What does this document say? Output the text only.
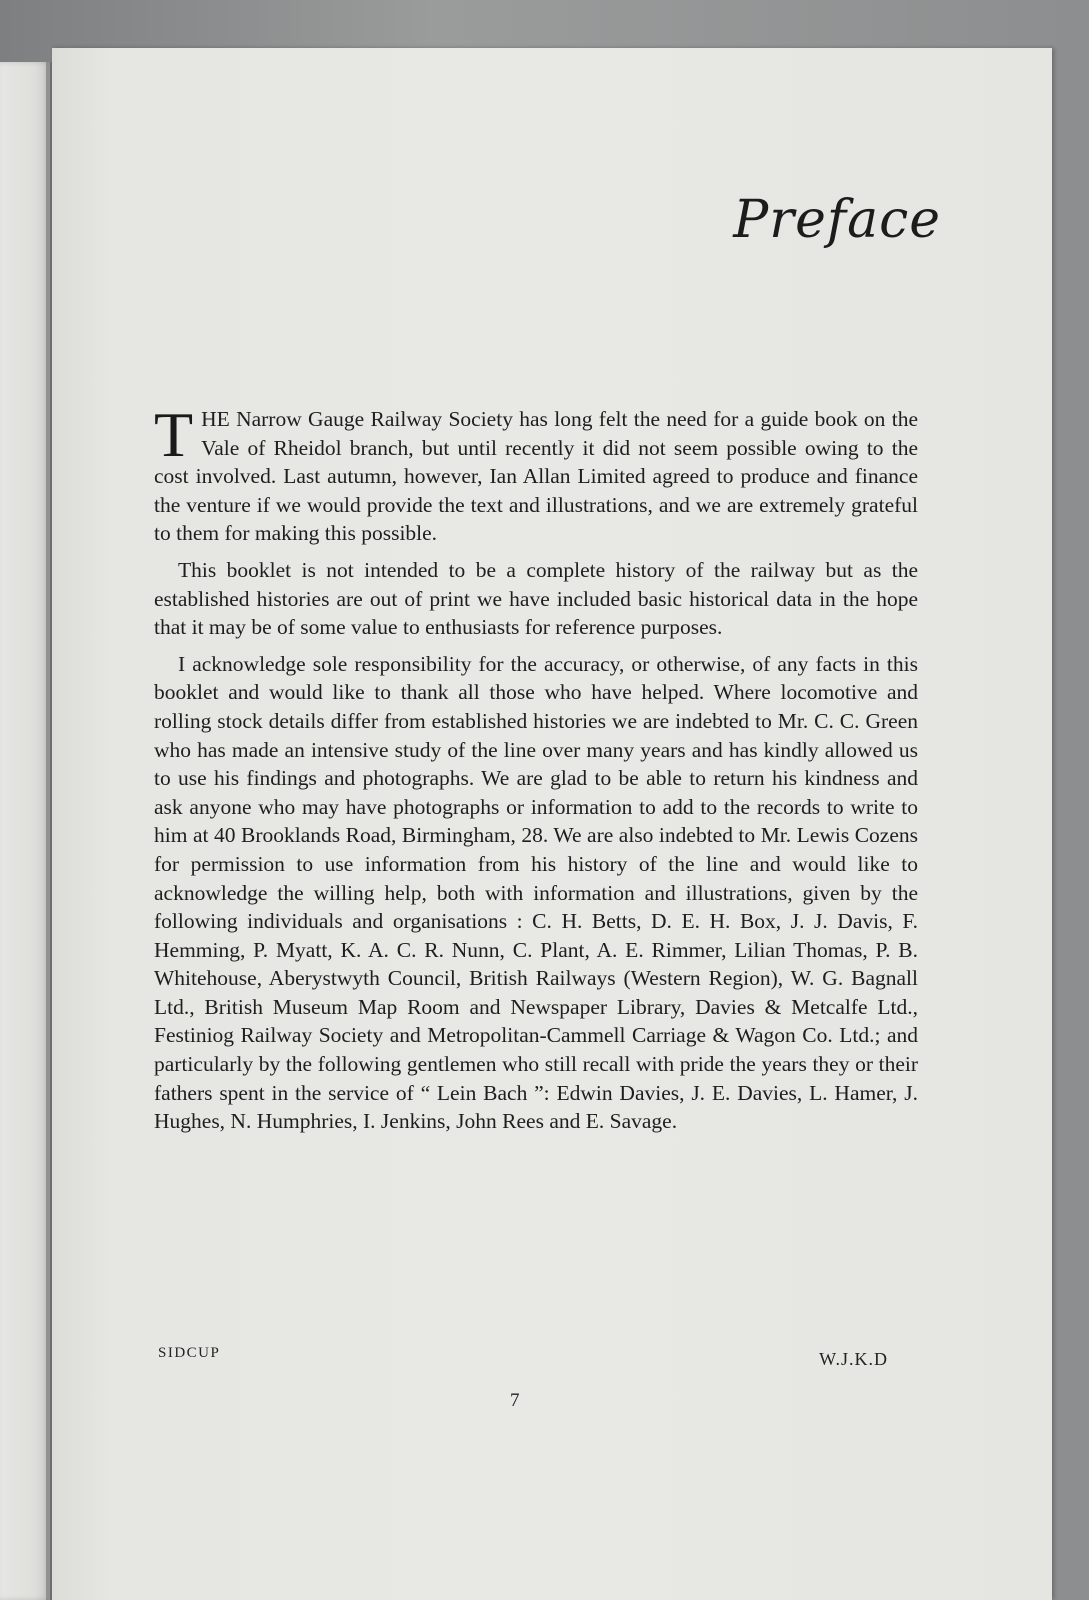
Preface

THE Narrow Gauge Railway Society has long felt the need for a guide book on the Vale of Rheidol branch, but until recently it did not seem possible owing to the cost involved. Last autumn, however, Ian Allan Limited agreed to produce and finance the venture if we would provide the text and illustrations, and we are extremely grateful to them for making this possible.

This booklet is not intended to be a complete history of the railway but as the established histories are out of print we have included basic historical data in the hope that it may be of some value to enthusiasts for reference purposes.

I acknowledge sole responsibility for the accuracy, or otherwise, of any facts in this booklet and would like to thank all those who have helped. Where locomotive and rolling stock details differ from established histories we are indebted to Mr. C. C. Green who has made an intensive study of the line over many years and has kindly allowed us to use his findings and photographs. We are glad to be able to return his kindness and ask anyone who may have photographs or information to add to the records to write to him at 40 Brooklands Road, Birmingham, 28. We are also indebted to Mr. Lewis Cozens for permission to use information from his history of the line and would like to acknowledge the willing help, both with information and illustrations, given by the following individuals and organisations : C. H. Betts, D. E. H. Box, J. J. Davis, F. Hemming, P. Myatt, K. A. C. R. Nunn, C. Plant, A. E. Rimmer, Lilian Thomas, P. B. Whitehouse, Aberystwyth Council, British Railways (Western Region), W. G. Bagnall Ltd., British Museum Map Room and Newspaper Library, Davies & Metcalfe Ltd., Festiniog Railway Society and Metropolitan-Cammell Carriage & Wagon Co. Ltd.; and particularly by the following gentlemen who still recall with pride the years they or their fathers spent in the service of “ Lein Bach ”: Edwin Davies, J. E. Davies, L. Hamer, J. Hughes, N. Humphries, I. Jenkins, John Rees and E. Savage.

SIDCUP	W.J.K.D
7
